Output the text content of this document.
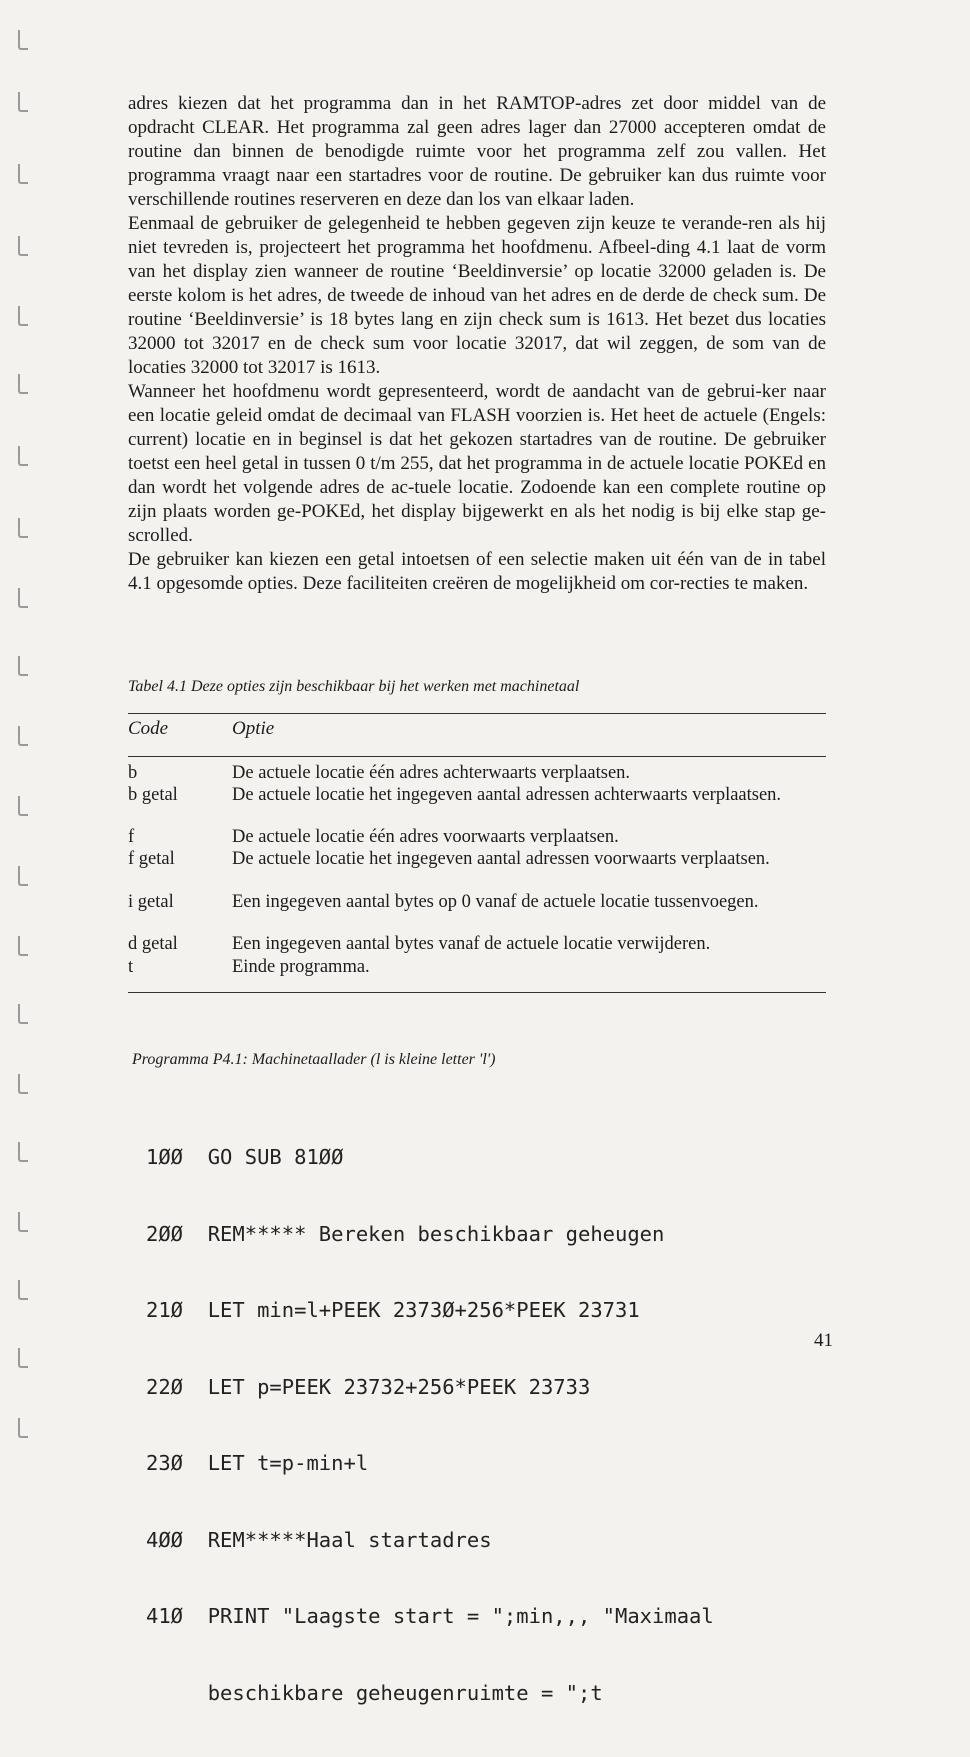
adres kiezen dat het programma dan in het RAMTOP-adres zet door middel van de opdracht CLEAR. Het programma zal geen adres lager dan 27000 accepteren omdat de routine dan binnen de benodigde ruimte voor het programma zelf zou vallen. Het programma vraagt naar een startadres voor de routine. De gebruiker kan dus ruimte voor verschillende routines reserveren en deze dan los van elkaar laden.

Eenmaal de gebruiker de gelegenheid te hebben gegeven zijn keuze te verande-ren als hij niet tevreden is, projecteert het programma het hoofdmenu. Afbeel-ding 4.1 laat de vorm van het display zien wanneer de routine ‘Beeldinversie’ op locatie 32000 geladen is. De eerste kolom is het adres, de tweede de inhoud van het adres en de derde de check sum. De routine ‘Beeldinversie’ is 18 bytes lang en zijn check sum is 1613. Het bezet dus locaties 32000 tot 32017 en de check sum voor locatie 32017, dat wil zeggen, de som van de locaties 32000 tot 32017 is 1613.

Wanneer het hoofdmenu wordt gepresenteerd, wordt de aandacht van de gebrui-ker naar een locatie geleid omdat de decimaal van FLASH voorzien is. Het heet de actuele (Engels: current) locatie en in beginsel is dat het gekozen startadres van de routine. De gebruiker toetst een heel getal in tussen 0 t/m 255, dat het programma in de actuele locatie POKEd en dan wordt het volgende adres de ac-tuele locatie. Zodoende kan een complete routine op zijn plaats worden ge-POKEd, het display bijgewerkt en als het nodig is bij elke stap ge-scrolled.

De gebruiker kan kiezen een getal intoetsen of een selectie maken uit één van de in tabel 4.1 opgesomde opties. Deze faciliteiten creëren de mogelijkheid om cor-recties te maken.

Tabel 4.1 Deze opties zijn beschikbaar bij het werken met machinetaal
Code	Optie
b	De actuele locatie één adres achterwaarts verplaatsen.
b getal	De actuele locatie het ingegeven aantal adressen achterwaarts verplaatsen.
f	De actuele locatie één adres voorwaarts verplaatsen.
f getal	De actuele locatie het ingegeven aantal adressen voorwaarts verplaatsen.
i getal	Een ingegeven aantal bytes op 0 vanaf de actuele locatie tussenvoegen.
d getal	Een ingegeven aantal bytes vanaf de actuele locatie verwijderen.
t	Einde programma.
Programma P4.1: Machinetaallader (l is kleine letter 'l')

1ØØ  GO SUB 81ØØ

2ØØ  REM***** Bereken beschikbaar geheugen

21Ø  LET min=l+PEEK 2373Ø+256*PEEK 23731

22Ø  LET p=PEEK 23732+256*PEEK 23733

23Ø  LET t=p-min+l

4ØØ  REM*****Haal startadres

41Ø  PRINT "Laagste start = ";min,,, "Maximaal

beschikbare geheugenruimte = ";t

41
